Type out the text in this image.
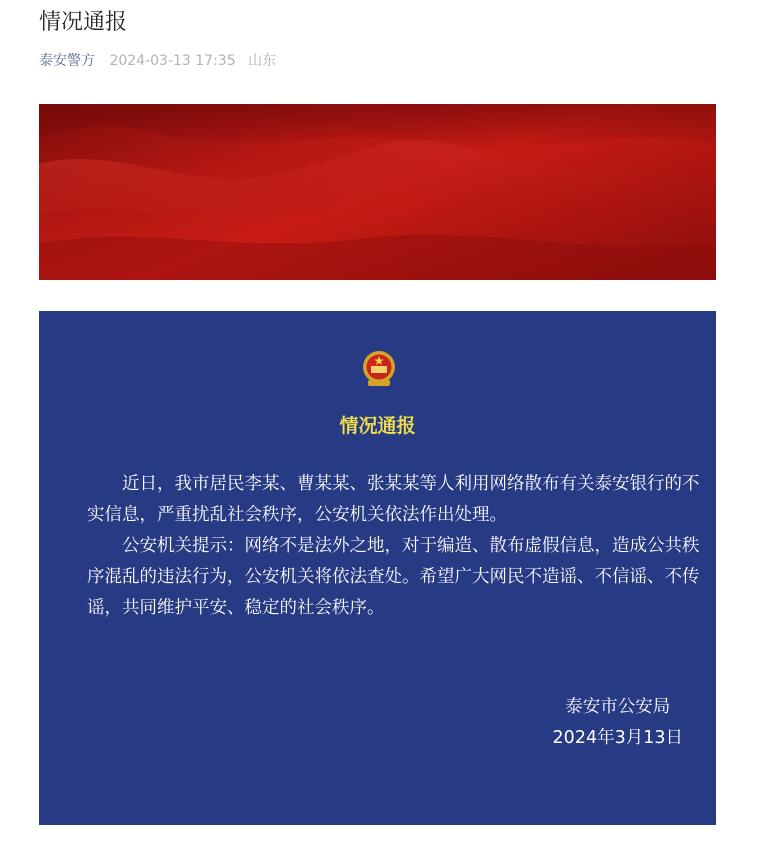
情况通报
泰安警方 2024-03-13 17:35 山东
情况通报

近日，我市居民李某、曹某某、张某某等人利用网络散布有关泰安银行的不实信息，严重扰乱社会秩序，公安机关依法作出处理。

公安机关提示：网络不是法外之地，对于编造、散布虚假信息，造成公共秩序混乱的违法行为，公安机关将依法查处。希望广大网民不造谣、不信谣、不传谣，共同维护平安、稳定的社会秩序。

泰安市公安局
2024年3月13日
